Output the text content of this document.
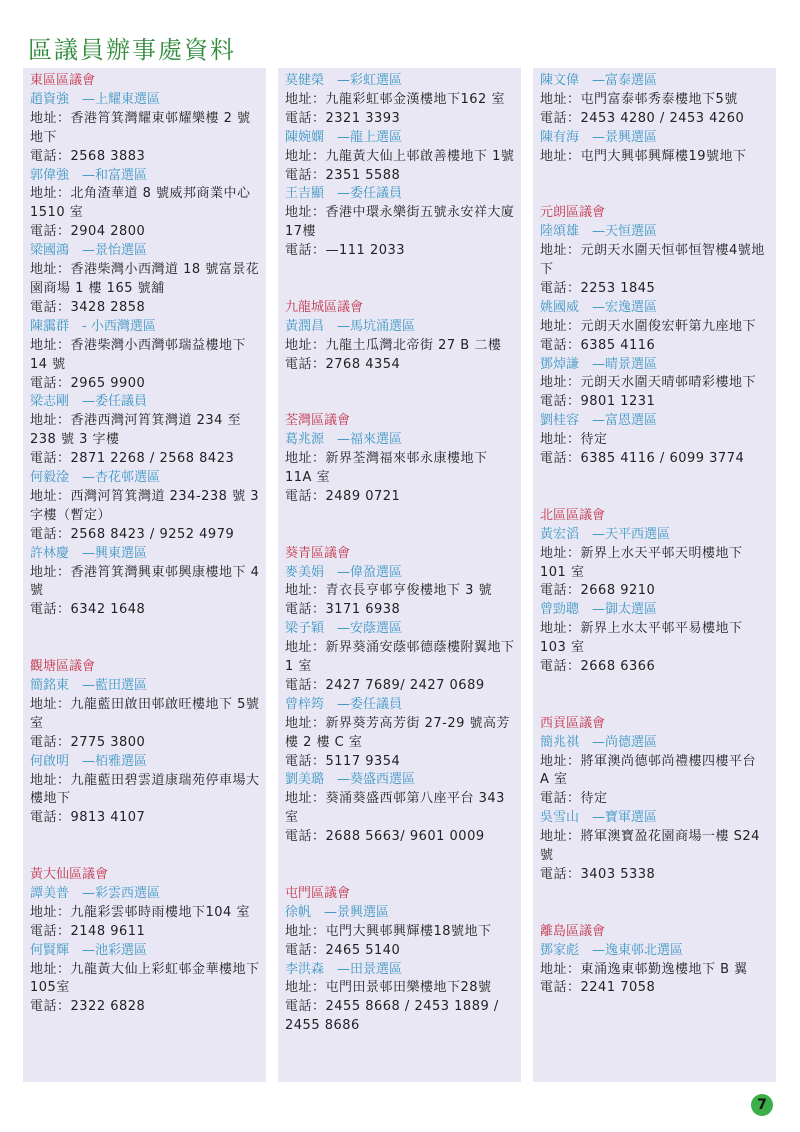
區議員辦事處資料
東區區議會
趙資強　—上耀東選區
地址：香港筲箕灣耀東邨耀樂樓 2 號地下
電話：2568 3883
郭偉強　—和富選區
地址：北角渣華道 8 號威邦商業中心 1510 室
電話：2904 2800
梁國鴻　—景怡選區
地址：香港柴灣小西灣道 18 號富景花園商場 1 樓 165 號舖
電話：3428 2858
陳靄群　- 小西灣選區
地址：香港柴灣小西灣邨瑞益樓地下 14 號
電話：2965 9900
梁志剛　—委任議員
地址：香港西灣河筲箕灣道 234 至 238 號 3 字樓
電話：2871 2268 / 2568 8423
何毅淦　—杏花邨選區
地址：西灣河筲箕灣道 234-238 號 3 字樓（暫定）
電話：2568 8423 / 9252 4979
許林慶　—興東選區
地址：香港筲箕灣興東邨興康樓地下 4 號
電話：6342 1648
觀塘區議會
簡銘東　—藍田選區
地址：九龍藍田啟田邨啟旺樓地下 5號室
電話：2775 3800
何啟明　—栢雅選區
地址：九龍藍田碧雲道康瑞苑停車場大樓地下
電話：9813 4107
黃大仙區議會
譚美普　—彩雲西選區
地址：九龍彩雲邨時雨樓地下104 室
電話：2148 9611
何賢輝　—池彩選區
地址：九龍黃大仙上彩虹邨金華樓地下105室
電話：2322 6828
莫健榮　—彩虹選區
地址：九龍彩虹邨金漢樓地下162 室
電話：2321 3393
陳婉嫻　—龍上選區
地址：九龍黃大仙上邨啟善樓地下 1號
電話：2351 5588
王吉顯　—委任議員
地址：香港中環永樂街五號永安祥大廈17樓
電話：—111 2033
九龍城區議會
黃潤昌　—馬坑涌選區
地址：九龍土瓜灣北帝街 27 B 二樓
電話：2768 4354
荃灣區議會
葛兆源　—福來選區
地址：新界荃灣福來邨永康樓地下 11A 室
電話：2489 0721
葵青區議會
麥美娟　—偉盈選區
地址：青衣長亨邨亨俊樓地下 3 號
電話：3171 6938
梁子穎　—安蔭選區
地址：新界葵涌安蔭邨德蔭樓附翼地下 1 室
電話：2427 7689/ 2427 0689
曾梓筠　—委任議員
地址：新界葵芳高芳街 27-29 號高芳樓 2 樓 C 室
電話：5117 9354
劉美璐　—葵盛西選區
地址：葵涌葵盛西邨第八座平台 343 室
電話：2688 5663/ 9601 0009
屯門區議會
徐帆　—景興選區
地址：屯門大興邨興輝樓18號地下
電話：2465 5140
李洪森　—田景選區
地址：屯門田景邨田樂樓地下28號
電話：2455 8668 / 2453 1889 / 2455 8686
陳文偉　—富泰選區
地址：屯門富泰邨秀泰樓地下5號
電話：2453 4280 / 2453 4260
陳有海　—景興選區
地址：屯門大興邨興輝樓19號地下
元朗區議會
陸頌雄　—天恒選區
地址：元朗天水圍天恒邨恒智樓4號地下
電話：2253 1845
姚國威　—宏逸選區
地址：元朗天水圍俊宏軒第九座地下
電話：6385 4116
鄧焯謙　—晴景選區
地址：元朗天水圍天晴邨晴彩樓地下
電話：9801 1231
劉桂容　—富恩選區
地址：待定
電話：6385 4116 / 6099 3774
北區區議會
黃宏滔　—天平西選區
地址：新界上水天平邨天明樓地下 101 室
電話：2668 9210
曾勁聰　—御太選區
地址：新界上水太平邨平易樓地下 103 室
電話：2668 6366
西貢區議會
簡兆祺　—尚德選區
地址：將軍澳尚德邨尚禮樓四樓平台 A 室
電話：待定
吳雪山　—寶軍選區
地址：將軍澳寶盈花園商場一樓 S24 號
電話：3403 5338
離島區議會
鄧家彪　—逸東邨北選區
地址：東涌逸東邨勤逸樓地下 B 翼
電話：2241 7058
7
